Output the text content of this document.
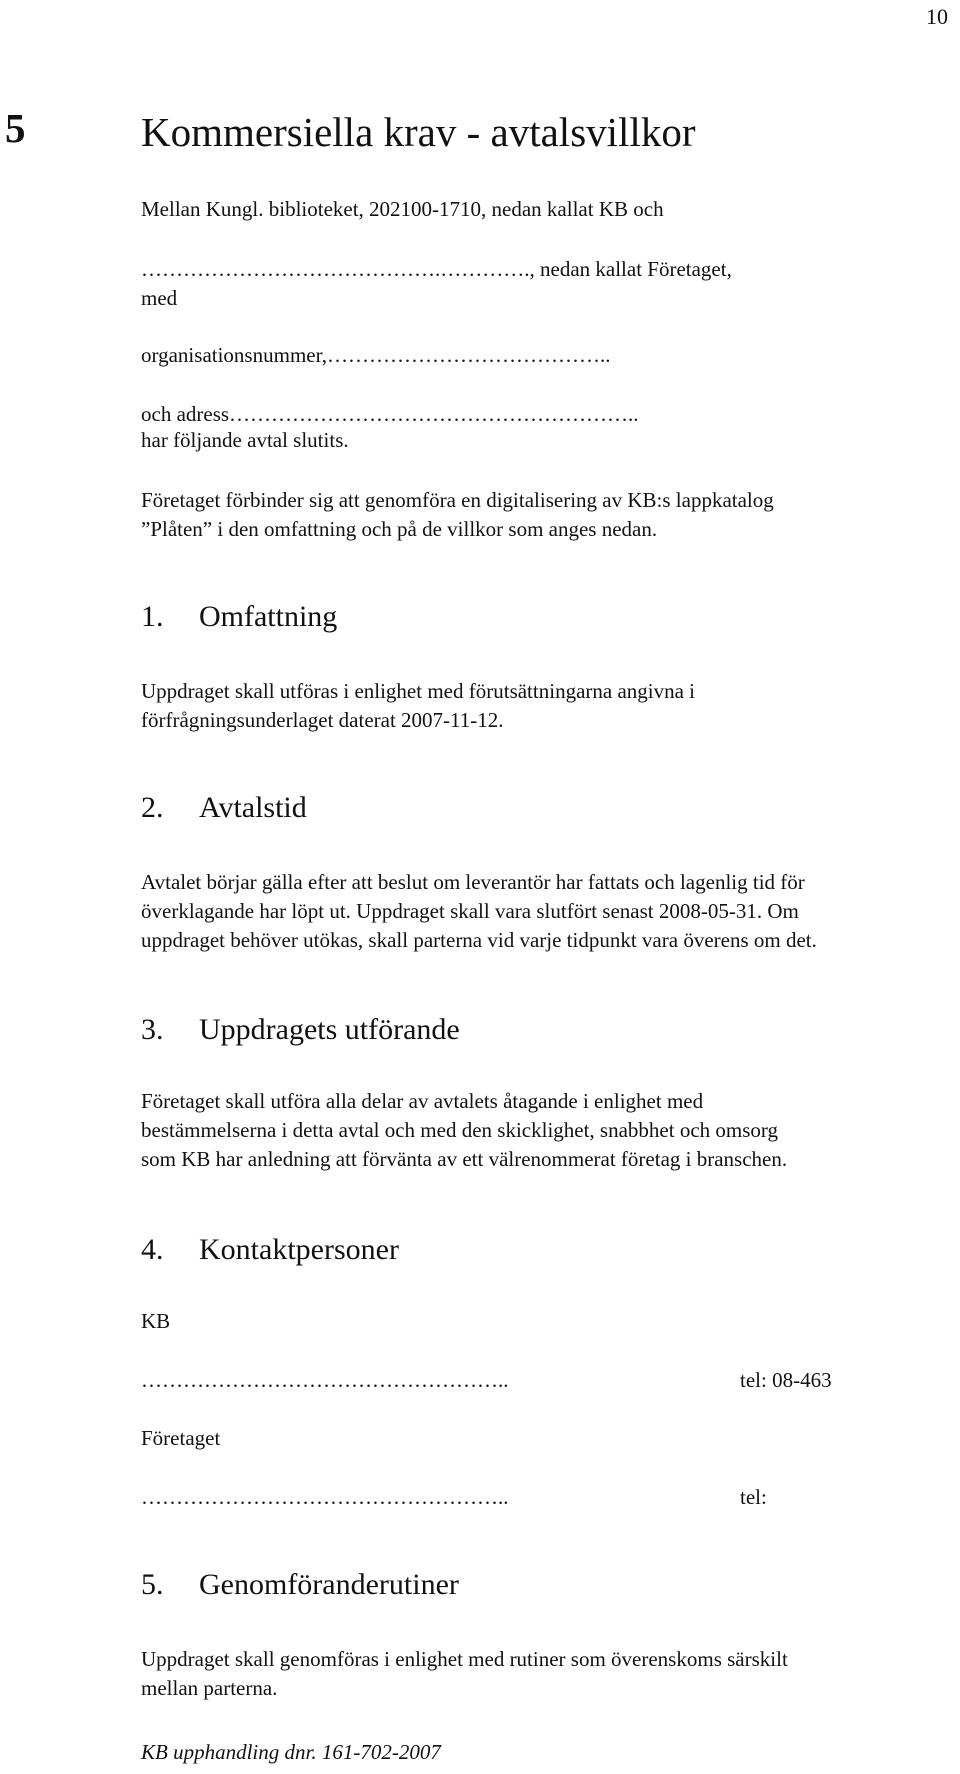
10
5	Kommersiella krav - avtalsvillkor
Mellan Kungl. biblioteket, 202100-1710, nedan kallat KB och
…………………………………….…………., nedan kallat Företaget,
med
organisationsnummer,…………………………………..
och adress…………………………………………………..
har följande avtal slutits.
Företaget förbinder sig att genomföra en digitalisering av KB:s lappkatalog
”Plåten” i den omfattning och på de villkor som anges nedan.
1. Omfattning
Uppdraget skall utföras i enlighet med förutsättningarna angivna i
förfrågningsunderlaget daterat 2007-11-12.
2. Avtalstid
Avtalet börjar gälla efter att beslut om leverantör har fattats och lagenlig tid för
överklagande har löpt ut. Uppdraget skall vara slutfört senast 2008-05-31. Om
uppdraget behöver utökas, skall parterna vid varje tidpunkt vara överens om det.
3. Uppdragets utförande
Företaget skall utföra alla delar av avtalets åtagande i enlighet med
bestämmelserna i detta avtal och med den skicklighet, snabbhet och omsorg
som KB har anledning att förvänta av ett välrenommerat företag i branschen.
4. Kontaktpersoner
KB
……………………………………………..	tel: 08-463
Företaget
……………………………………………..	tel:
5. Genomföranderutiner
Uppdraget skall genomföras i enlighet med rutiner som överenskoms särskilt
mellan parterna.
KB upphandling dnr. 161-702-2007
